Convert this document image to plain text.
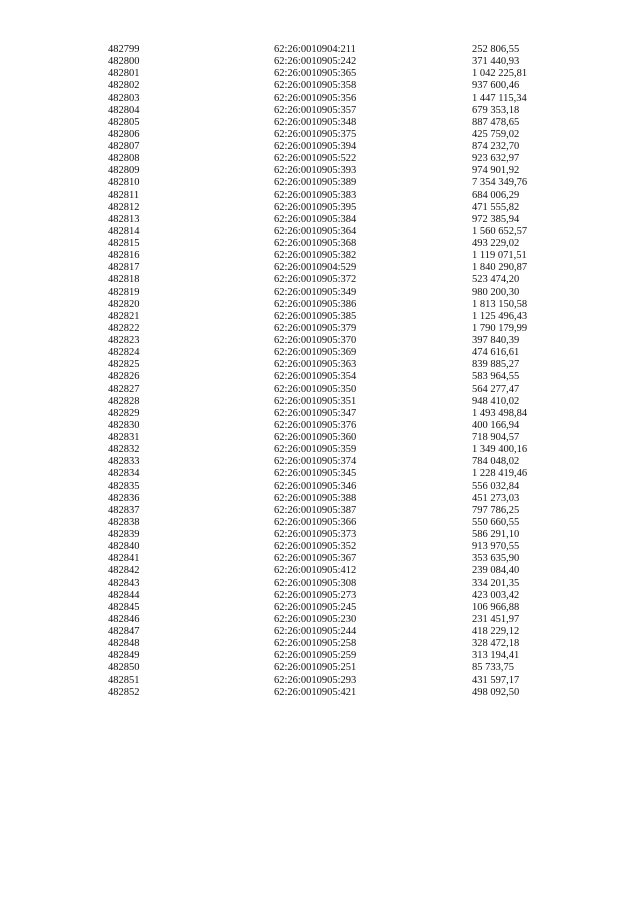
482799	62:26:0010904:211	252 806,55
482800	62:26:0010905:242	371 440,93
482801	62:26:0010905:365	1 042 225,81
482802	62:26:0010905:358	937 600,46
482803	62:26:0010905:356	1 447 115,34
482804	62:26:0010905:357	679 353,18
482805	62:26:0010905:348	887 478,65
482806	62:26:0010905:375	425 759,02
482807	62:26:0010905:394	874 232,70
482808	62:26:0010905:522	923 632,97
482809	62:26:0010905:393	974 901,92
482810	62:26:0010905:389	7 354 349,76
482811	62:26:0010905:383	684 006,29
482812	62:26:0010905:395	471 555,82
482813	62:26:0010905:384	972 385,94
482814	62:26:0010905:364	1 560 652,57
482815	62:26:0010905:368	493 229,02
482816	62:26:0010905:382	1 119 071,51
482817	62:26:0010904:529	1 840 290,87
482818	62:26:0010905:372	523 474,20
482819	62:26:0010905:349	980 200,30
482820	62:26:0010905:386	1 813 150,58
482821	62:26:0010905:385	1 125 496,43
482822	62:26:0010905:379	1 790 179,99
482823	62:26:0010905:370	397 840,39
482824	62:26:0010905:369	474 616,61
482825	62:26:0010905:363	839 885,27
482826	62:26:0010905:354	583 964,55
482827	62:26:0010905:350	564 277,47
482828	62:26:0010905:351	948 410,02
482829	62:26:0010905:347	1 493 498,84
482830	62:26:0010905:376	400 166,94
482831	62:26:0010905:360	718 904,57
482832	62:26:0010905:359	1 349 400,16
482833	62:26:0010905:374	784 048,02
482834	62:26:0010905:345	1 228 419,46
482835	62:26:0010905:346	556 032,84
482836	62:26:0010905:388	451 273,03
482837	62:26:0010905:387	797 786,25
482838	62:26:0010905:366	550 660,55
482839	62:26:0010905:373	586 291,10
482840	62:26:0010905:352	913 970,55
482841	62:26:0010905:367	353 635,90
482842	62:26:0010905:412	239 084,40
482843	62:26:0010905:308	334 201,35
482844	62:26:0010905:273	423 003,42
482845	62:26:0010905:245	106 966,88
482846	62:26:0010905:230	231 451,97
482847	62:26:0010905:244	418 229,12
482848	62:26:0010905:258	328 472,18
482849	62:26:0010905:259	313 194,41
482850	62:26:0010905:251	85 733,75
482851	62:26:0010905:293	431 597,17
482852	62:26:0010905:421	498 092,50
